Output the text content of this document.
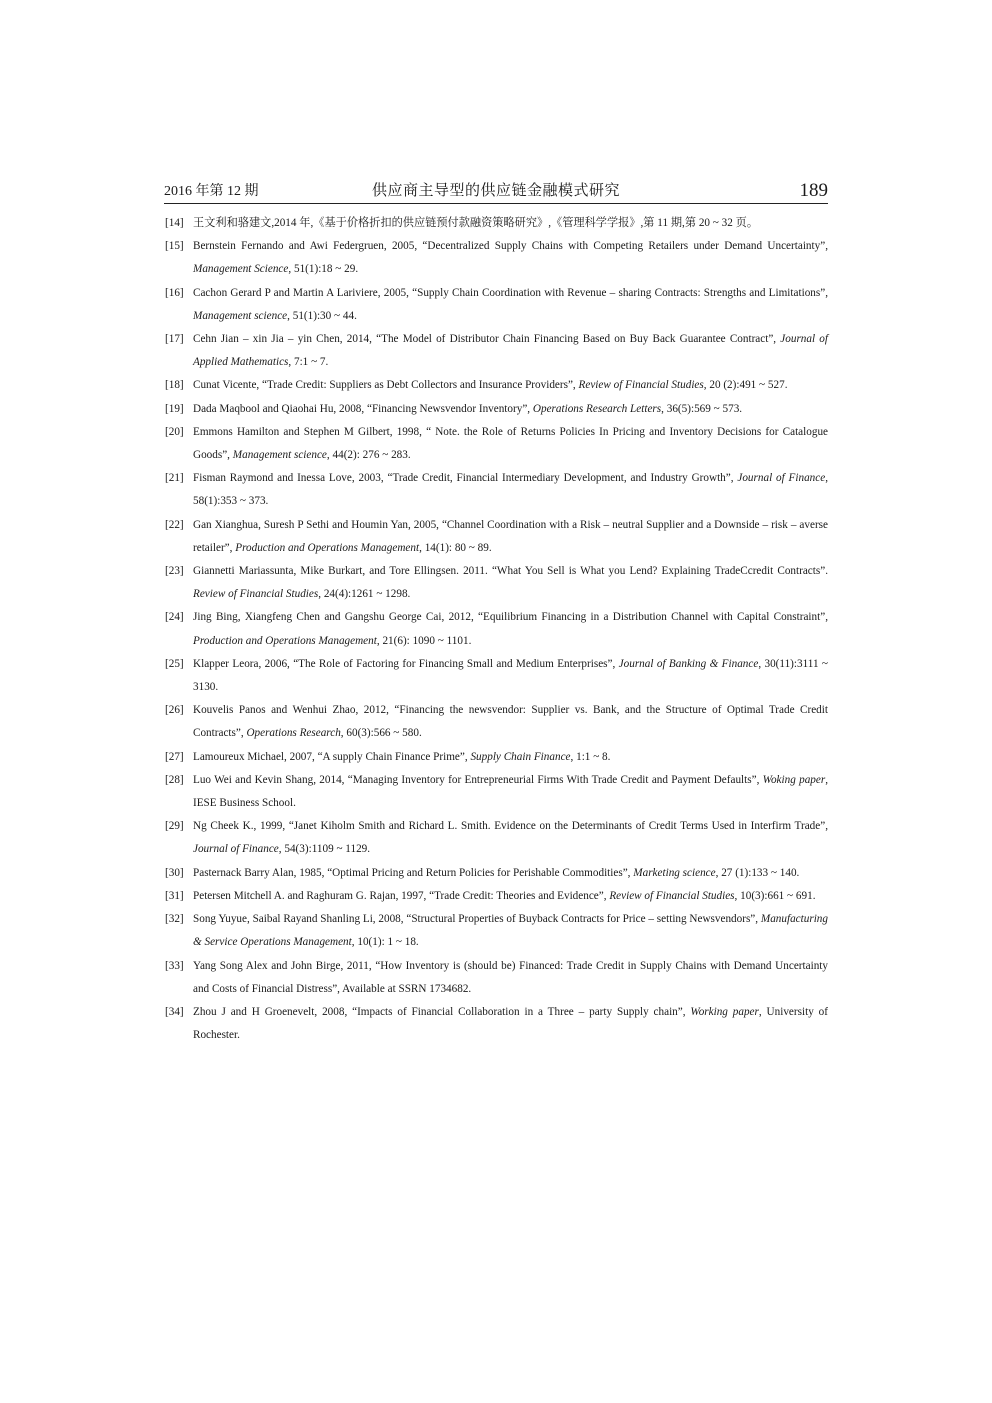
2016 年第 12 期	供应商主导型的供应链金融模式研究	189
[14] 王文利和骆建文,2014 年,《基于价格折扣的供应链预付款融资策略研究》,《管理科学学报》,第 11 期,第 20 ~ 32 页。
[15] Bernstein Fernando and Awi Federgruen, 2005, “Decentralized Supply Chains with Competing Retailers under Demand Uncertainty”, Management Science, 51(1):18 ~ 29.
[16] Cachon Gerard P and Martin A Lariviere, 2005, “Supply Chain Coordination with Revenue – sharing Contracts: Strengths and Limitations”, Management science, 51(1):30 ~ 44.
[17] Cehn Jian – xin Jia – yin Chen, 2014, “The Model of Distributor Chain Financing Based on Buy Back Guarantee Contract”, Journal of Applied Mathematics, 7:1 ~ 7.
[18] Cunat Vicente, “Trade Credit: Suppliers as Debt Collectors and Insurance Providers”, Review of Financial Studies, 20 (2):491 ~ 527.
[19] Dada Maqbool and Qiaohai Hu, 2008, “Financing Newsvendor Inventory”, Operations Research Letters, 36(5):569 ~ 573.
[20] Emmons Hamilton and Stephen M Gilbert, 1998, “ Note. the Role of Returns Policies In Pricing and Inventory Decisions for Catalogue Goods”, Management science, 44(2): 276 ~ 283.
[21] Fisman Raymond and Inessa Love, 2003, “Trade Credit, Financial Intermediary Development, and Industry Growth”, Journal of Finance, 58(1):353 ~ 373.
[22] Gan Xianghua, Suresh P Sethi and Houmin Yan, 2005, “Channel Coordination with a Risk – neutral Supplier and a Downside – risk – averse retailer”, Production and Operations Management, 14(1): 80 ~ 89.
[23] Giannetti Mariassunta, Mike Burkart, and Tore Ellingsen. 2011. “What You Sell is What you Lend? Explaining TradeCcredit Contracts”. Review of Financial Studies, 24(4):1261 ~ 1298.
[24] Jing Bing, Xiangfeng Chen and Gangshu George Cai, 2012, “Equilibrium Financing in a Distribution Channel with Capital Constraint”, Production and Operations Management, 21(6): 1090 ~ 1101.
[25] Klapper Leora, 2006, “The Role of Factoring for Financing Small and Medium Enterprises”, Journal of Banking & Finance, 30(11):3111 ~ 3130.
[26] Kouvelis Panos and Wenhui Zhao, 2012, “Financing the newsvendor: Supplier vs. Bank, and the Structure of Optimal Trade Credit Contracts”, Operations Research, 60(3):566 ~ 580.
[27] Lamoureux Michael, 2007, “A supply Chain Finance Prime”, Supply Chain Finance, 1:1 ~ 8.
[28] Luo Wei and Kevin Shang, 2014, “Managing Inventory for Entrepreneurial Firms With Trade Credit and Payment Defaults”, Woking paper, IESE Business School.
[29] Ng Cheek K., 1999, “Janet Kiholm Smith and Richard L. Smith. Evidence on the Determinants of Credit Terms Used in Interfirm Trade”, Journal of Finance, 54(3):1109 ~ 1129.
[30] Pasternack Barry Alan, 1985, “Optimal Pricing and Return Policies for Perishable Commodities”, Marketing science, 27 (1):133 ~ 140.
[31] Petersen Mitchell A. and Raghuram G. Rajan, 1997, “Trade Credit: Theories and Evidence”, Review of Financial Studies, 10(3):661 ~ 691.
[32] Song Yuyue, Saibal Rayand Shanling Li, 2008, “Structural Properties of Buyback Contracts for Price – setting Newsvendors”, Manufacturing & Service Operations Management, 10(1): 1 ~ 18.
[33] Yang Song Alex and John Birge, 2011, “How Inventory is (should be) Financed: Trade Credit in Supply Chains with Demand Uncertainty and Costs of Financial Distress”, Available at SSRN 1734682.
[34] Zhou J and H Groenevelt, 2008, “Impacts of Financial Collaboration in a Three – party Supply chain”, Working paper, University of Rochester.
